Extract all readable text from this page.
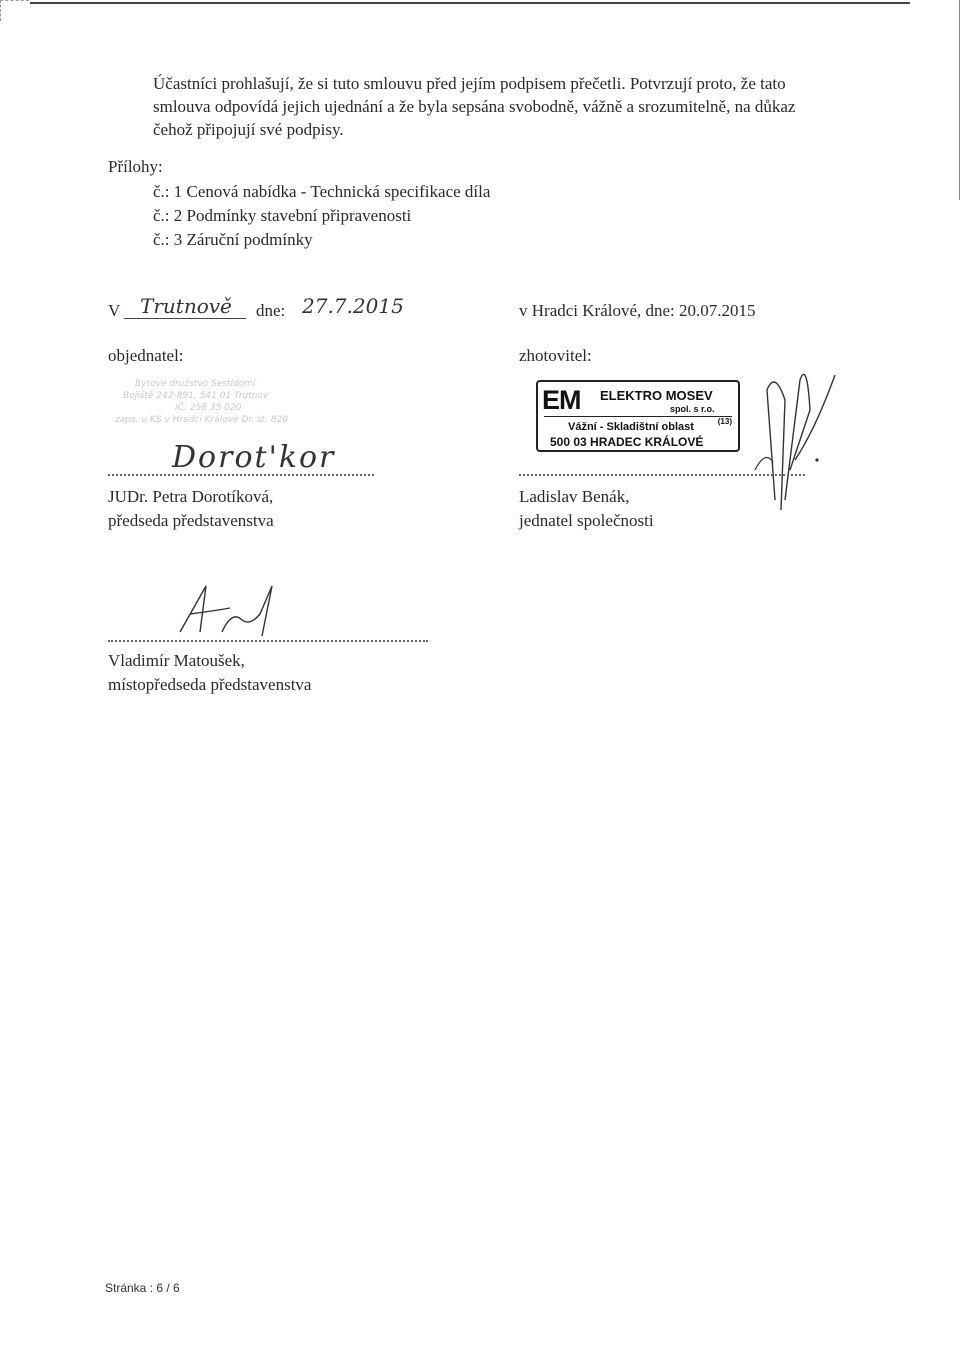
Účastníci prohlašují, že si tuto smlouvu před jejím podpisem přečetli. Potvrzují proto, že tato

smlouva odpovídá jejich ujednání a že byla sepsána svobodně, vážně a srozumitelně, na důkaz

čehož připojují své podpisy.

Přílohy:
č.: 1 Cenová nabídka - Technická specifikace díla
č.: 2 Podmínky stavební připravenosti
č.: 3 Záruční podmínky
V Trutnově dne: 27.7.2015	v Hradci Králové, dne: 20.07.2015
objednatel:	zhotovitel:
Bytové družstvo Sestidomí
Bojiště 242-891, 541 01 Trutnov
IČ: 258 35 020
zaps. u KS v Hradci Králové Dr. st. 820
Dorot'kor
JUDr. Petra Dorotíková,
předseda představenstva
EM ELEKTRO MOSEV
spol. s r.o.
Vážní - Skladištní oblast	(13)
500 03 HRADEC KRÁLOVÉ
Ladislav Benák,
jednatel společnosti
Vladimír Matoušek,
místopředseda představenstva
Stránka : 6 / 6
